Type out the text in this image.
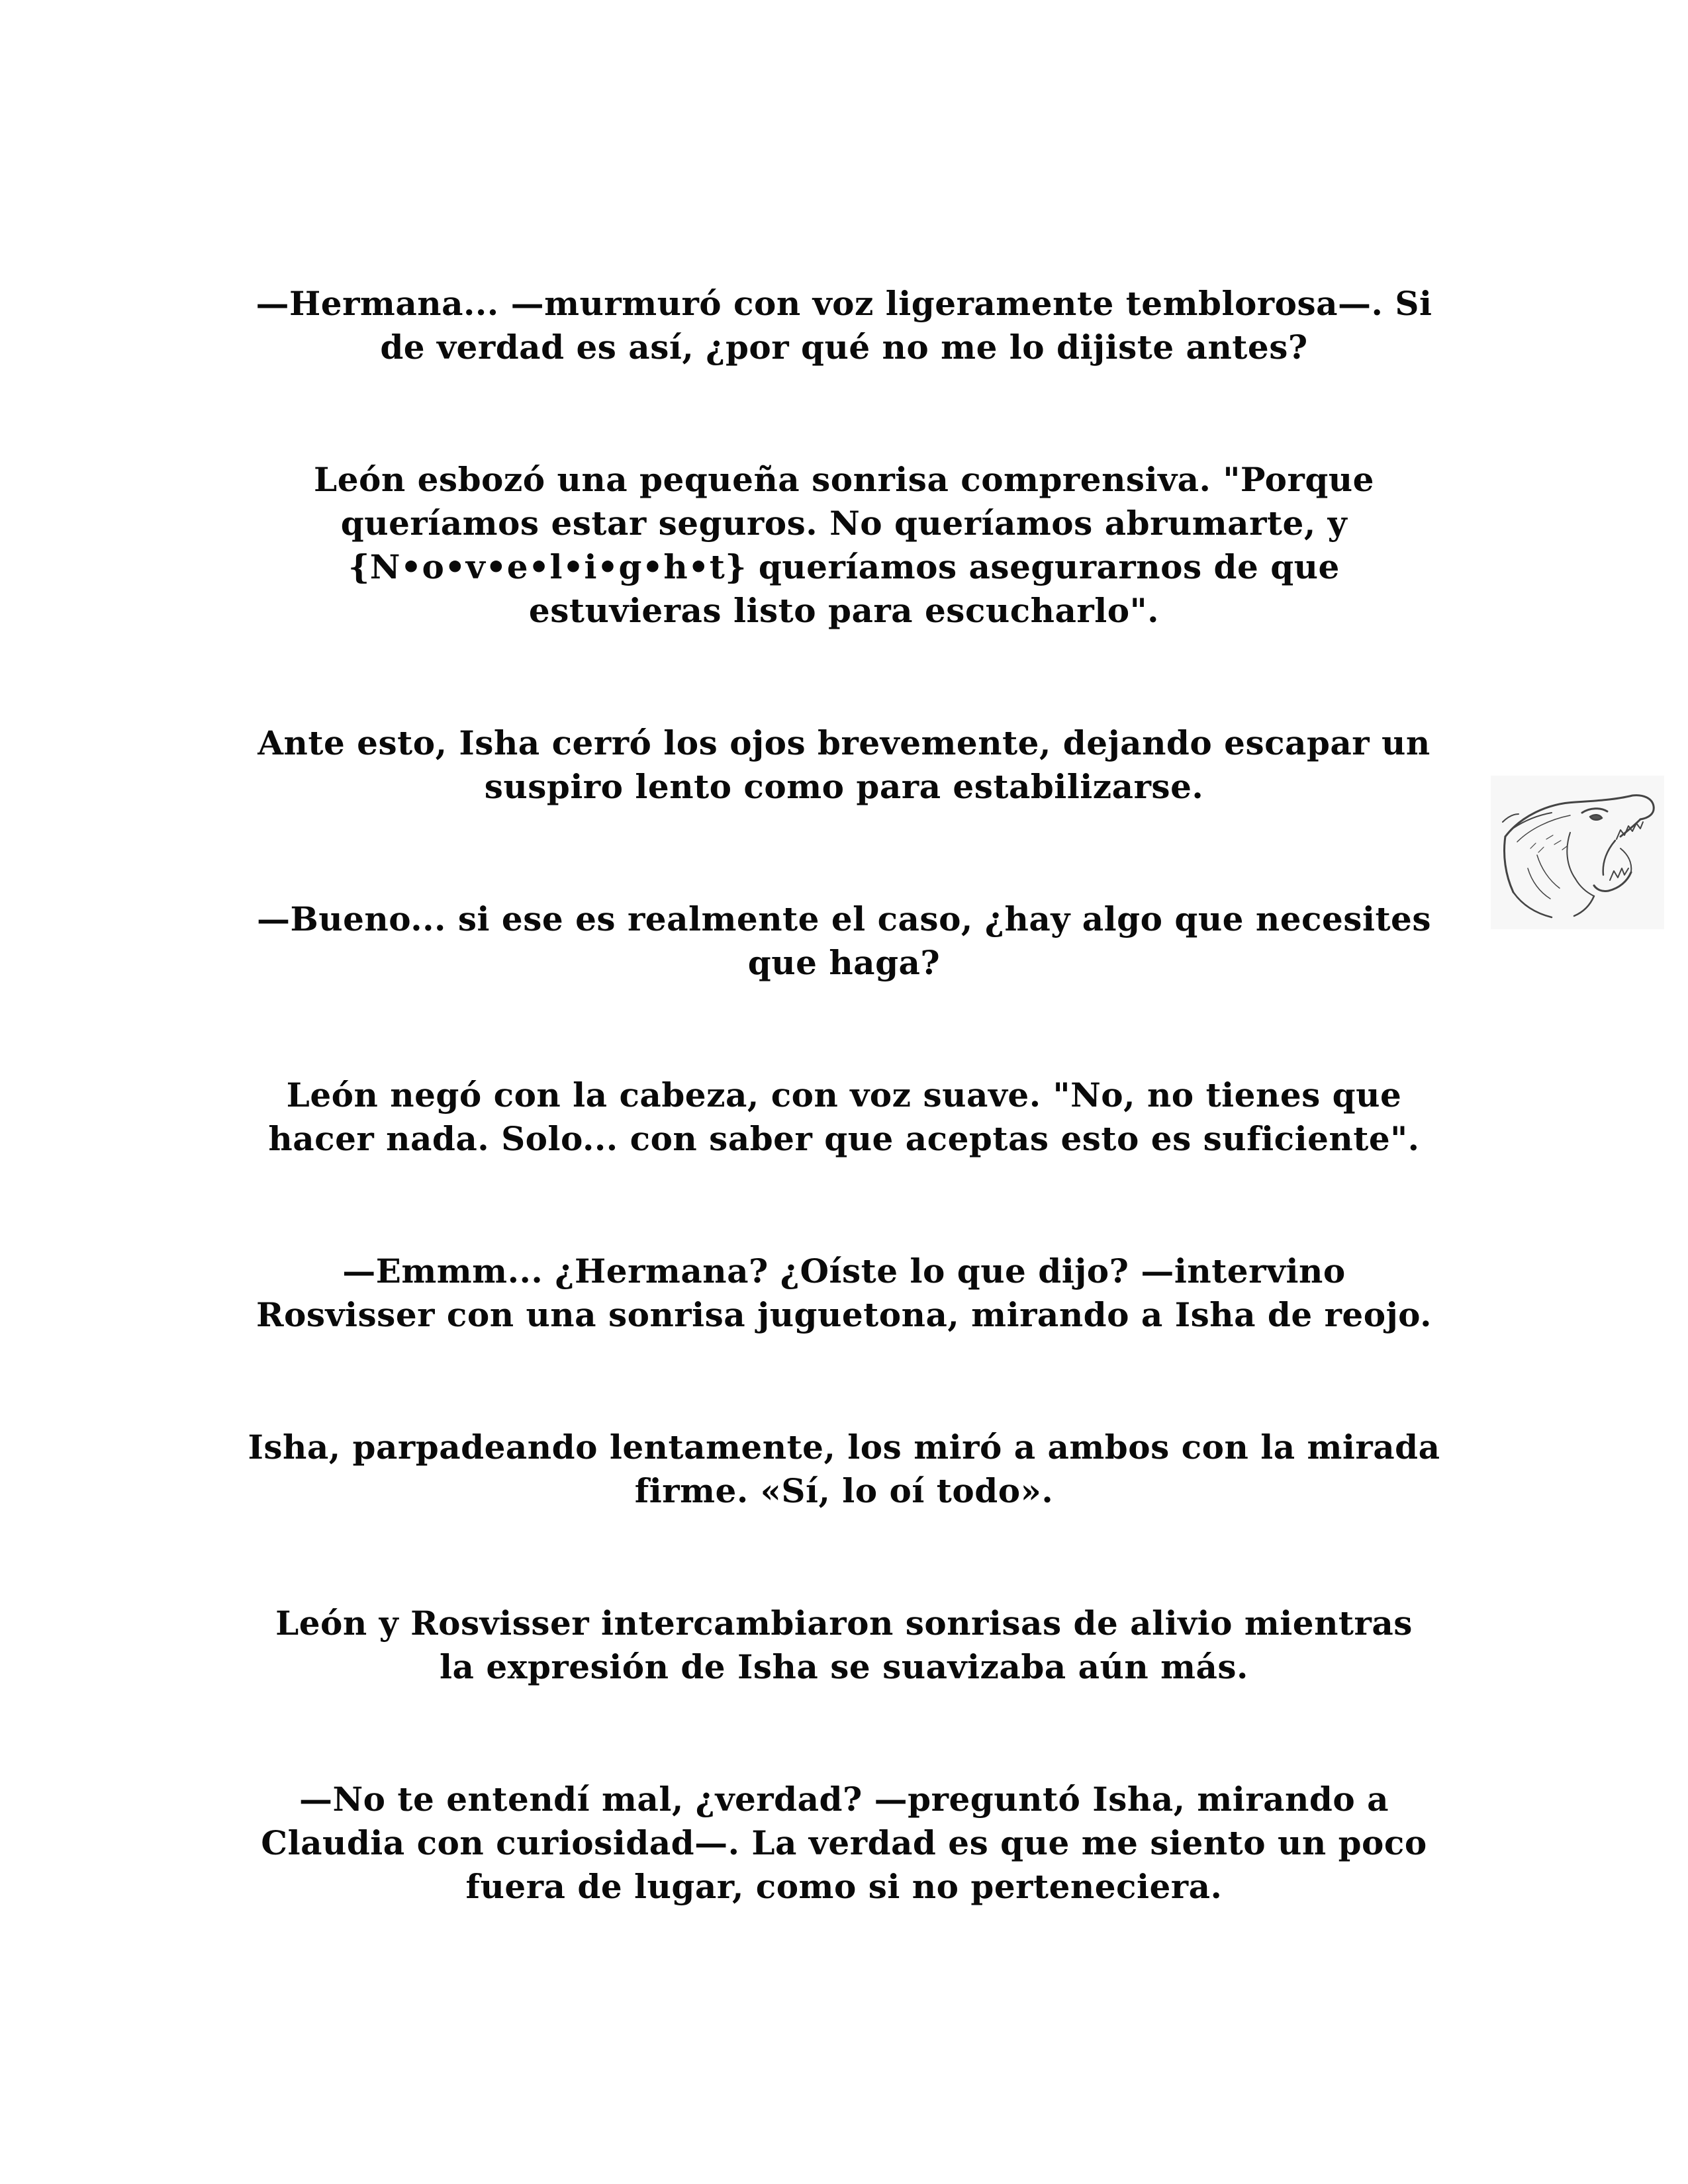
—Hermana... —murmuró con voz ligeramente temblorosa—. Si
de verdad es así, ¿por qué no me lo dijiste antes?

León esbozó una pequeña sonrisa comprensiva. "Porque
queríamos estar seguros. No queríamos abrumarte, y
{N•o•v•e•l•i•g•h•t} queríamos asegurarnos de que
estuvieras listo para escucharlo".

Ante esto, Isha cerró los ojos brevemente, dejando escapar un
suspiro lento como para estabilizarse.

—Bueno... si ese es realmente el caso, ¿hay algo que necesites
que haga?

León negó con la cabeza, con voz suave. "No, no tienes que
hacer nada. Solo... con saber que aceptas esto es suficiente".

—Emmm... ¿Hermana? ¿Oíste lo que dijo? —intervino
Rosvisser con una sonrisa juguetona, mirando a Isha de reojo.

Isha, parpadeando lentamente, los miró a ambos con la mirada
firme. «Sí, lo oí todo».

León y Rosvisser intercambiaron sonrisas de alivio mientras
la expresión de Isha se suavizaba aún más.

—No te entendí mal, ¿verdad? —preguntó Isha, mirando a
Claudia con curiosidad—. La verdad es que me siento un poco
fuera de lugar, como si no perteneciera.
